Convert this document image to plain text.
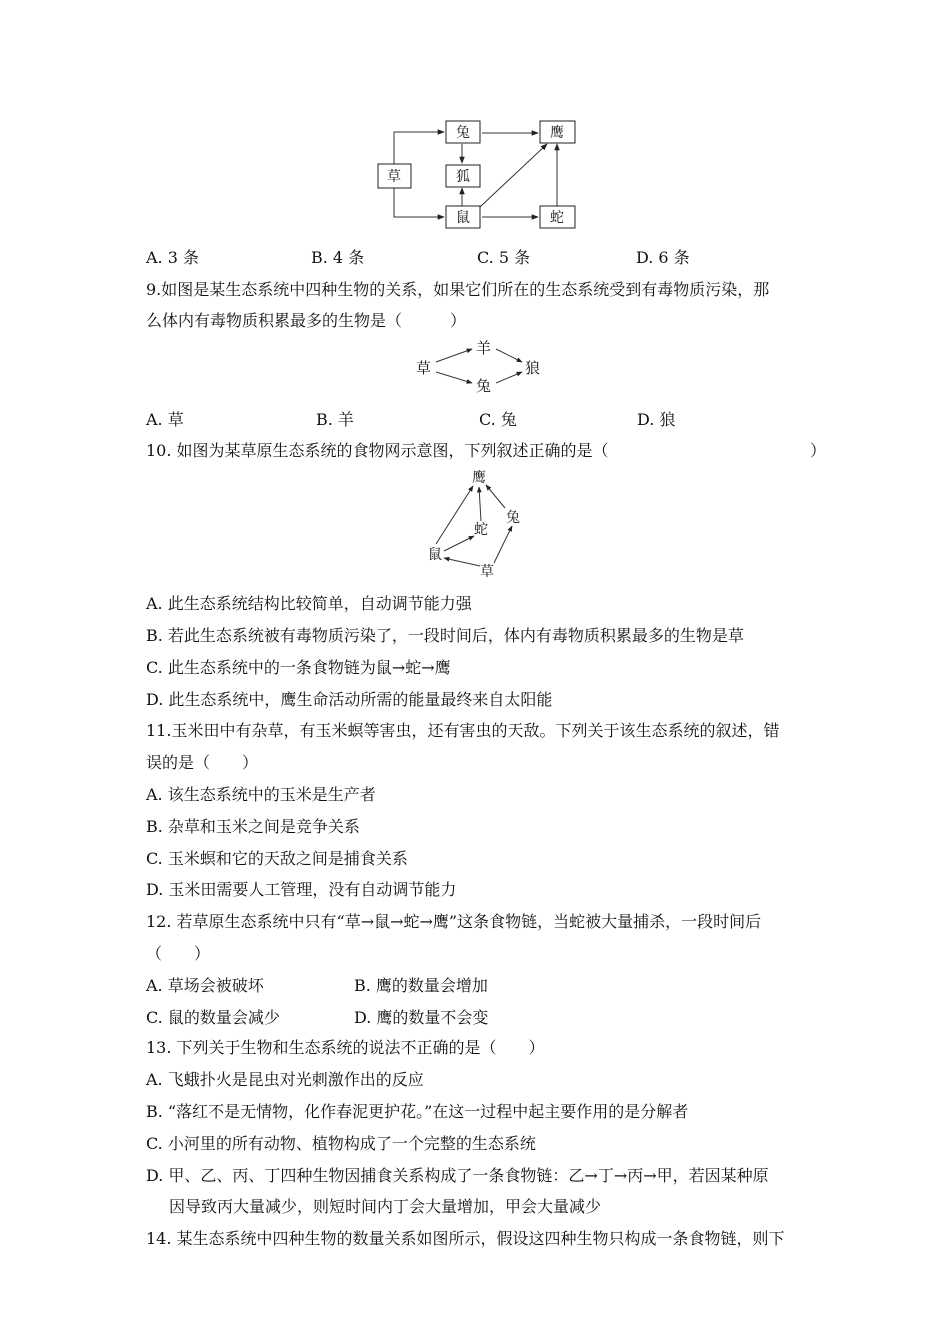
草
兔
狐
鼠
鹰
蛇
A. 3 条	B. 4 条	C. 5 条	D. 6 条
9.如图是某生态系统中四种生物的关系，如果它们所在的生态系统受到有毒物质污染，那
么体内有毒物质积累最多的生物是（　　　）
草
羊
兔
狼
A. 草	B. 羊	C. 兔	D. 狼
10. 如图为某草原生态系统的食物网示意图，下列叙述正确的是（	）
鹰
蛇
兔
鼠
草
A. 此生态系统结构比较简单，自动调节能力强
B. 若此生态系统被有毒物质污染了，一段时间后，体内有毒物质积累最多的生物是草
C. 此生态系统中的一条食物链为鼠→蛇→鹰
D. 此生态系统中，鹰生命活动所需的能量最终来自太阳能
11.玉米田中有杂草，有玉米螟等害虫，还有害虫的天敌。下列关于该生态系统的叙述，错
误的是（　　）
A. 该生态系统中的玉米是生产者
B. 杂草和玉米之间是竞争关系
C. 玉米螟和它的天敌之间是捕食关系
D. 玉米田需要人工管理，没有自动调节能力
12. 若草原生态系统中只有“草→鼠→蛇→鹰”这条食物链，当蛇被大量捕杀，一段时间后
（　　）
A. 草场会被破坏	B. 鹰的数量会增加
C. 鼠的数量会减少	D. 鹰的数量不会变
13. 下列关于生物和生态系统的说法不正确的是（　　）
A. 飞蛾扑火是昆虫对光刺激作出的反应
B. “落红不是无情物，化作春泥更护花。”在这一过程中起主要作用的是分解者
C. 小河里的所有动物、植物构成了一个完整的生态系统
D. 甲、乙、丙、丁四种生物因捕食关系构成了一条食物链：乙→丁→丙→甲，若因某种原
因导致丙大量减少，则短时间内丁会大量增加，甲会大量减少
14. 某生态系统中四种生物的数量关系如图所示，假设这四种生物只构成一条食物链，则下
